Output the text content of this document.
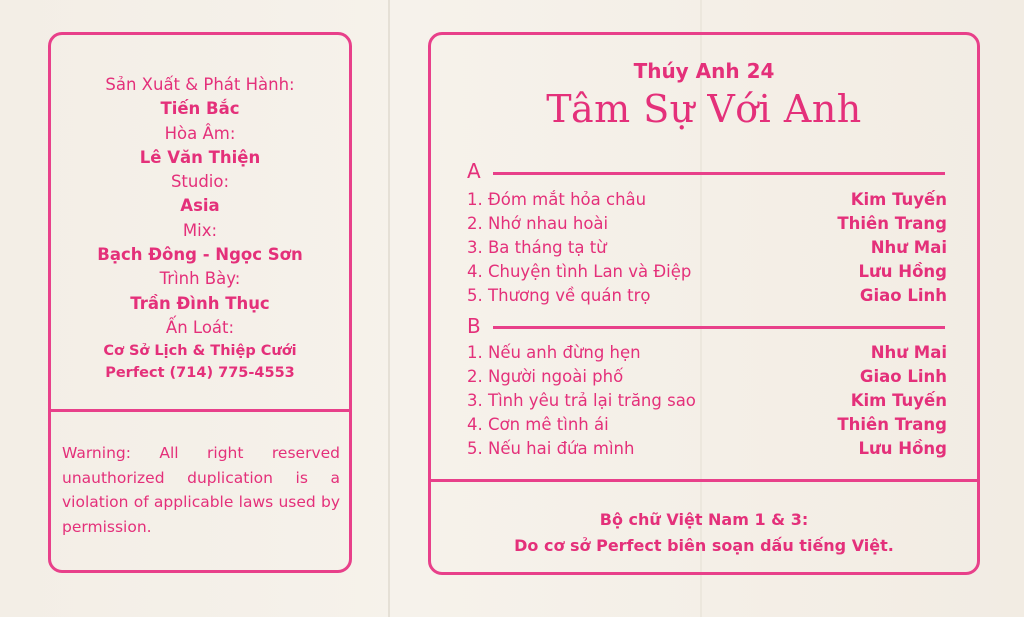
Sản Xuất & Phát Hành:
Tiến Bắc
Hòa Âm:
Lê Văn Thiện
Studio:
Asia
Mix:
Bạch Đông - Ngọc Sơn
Trình Bày:
Trần Đình Thục
Ấn Loát:
Cơ Sở Lịch & Thiệp Cưới
Perfect (714) 775-4553
Warning: All right reserved unauthorized duplication is a violation of applicable laws used by permission.
Thúy Anh 24
Tâm Sự Với Anh
A
1. Đóm mắt hỏa châu	Kim Tuyến
2. Nhớ nhau hoài	Thiên Trang
3. Ba tháng tạ từ	Như Mai
4. Chuyện tình Lan và Điệp	Lưu Hồng
5. Thương về quán trọ	Giao Linh
B
1. Nếu anh đừng hẹn	Như Mai
2. Người ngoài phố	Giao Linh
3. Tình yêu trả lại trăng sao	Kim Tuyến
4. Cơn mê tình ái	Thiên Trang
5. Nếu hai đứa mình	Lưu Hồng
Bộ chữ Việt Nam 1 & 3:
Do cơ sở Perfect biên soạn dấu tiếng Việt.
